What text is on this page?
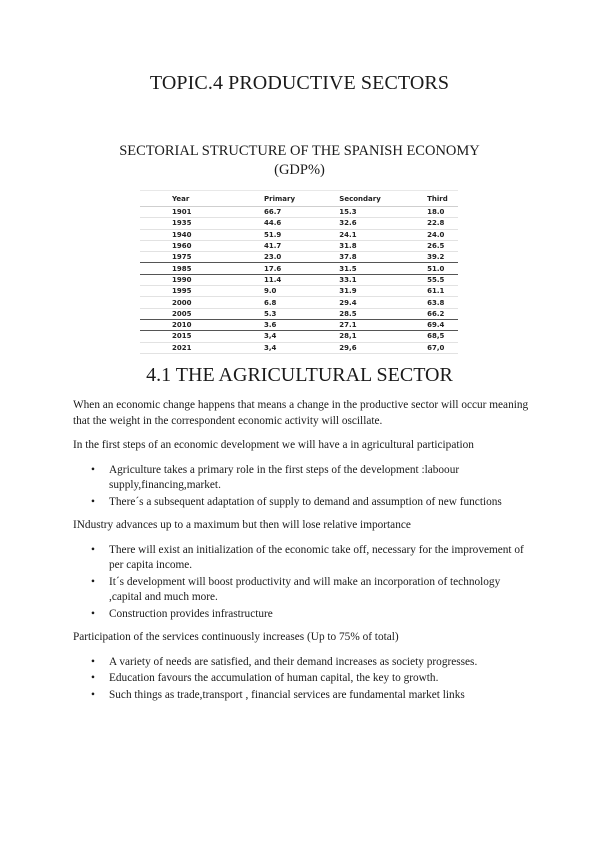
TOPIC.4 PRODUCTIVE SECTORS
SECTORIAL STRUCTURE OF THE SPANISH ECONOMY
(GDP%)
Year	Primary	Secondary	Third
1901	66.7	15.3	18.0
1935	44.6	32.6	22.8
1940	51.9	24.1	24.0
1960	41.7	31.8	26.5
1975	23.0	37.8	39.2
1985	17.6	31.5	51.0
1990	11.4	33.1	55.5
1995	9.0	31.9	61.1
2000	6.8	29.4	63.8
2005	5.3	28.5	66.2
2010	3.6	27.1	69.4
2015	3,4	28,1	68,5
2021	3,4	29,6	67,0
4.1 THE AGRICULTURAL SECTOR

When an economic change happens that means a change in the productive sector will occur meaning that the weight in the correspondent economic activity will oscillate.

In the first steps of an economic development we will have a in agricultural participation

• Agriculture takes a primary role in the first steps of the development :laboour supply,financing,market.
• There´s a subsequent adaptation of supply to demand and assumption of new functions

INdustry advances up to a maximum but then will lose relative importance

• There will exist an initialization of the economic take off, necessary for the improvement of per capita income.
• It´s development will boost productivity and will make an incorporation of technology ,capital and much more.
• Construction provides infrastructure

Participation of the services continuously increases (Up to 75% of total)

• A variety of needs are satisfied, and their demand increases as society progresses.
• Education favours the accumulation of human capital, the key to growth.
• Such things as trade,transport , financial services are fundamental market links
